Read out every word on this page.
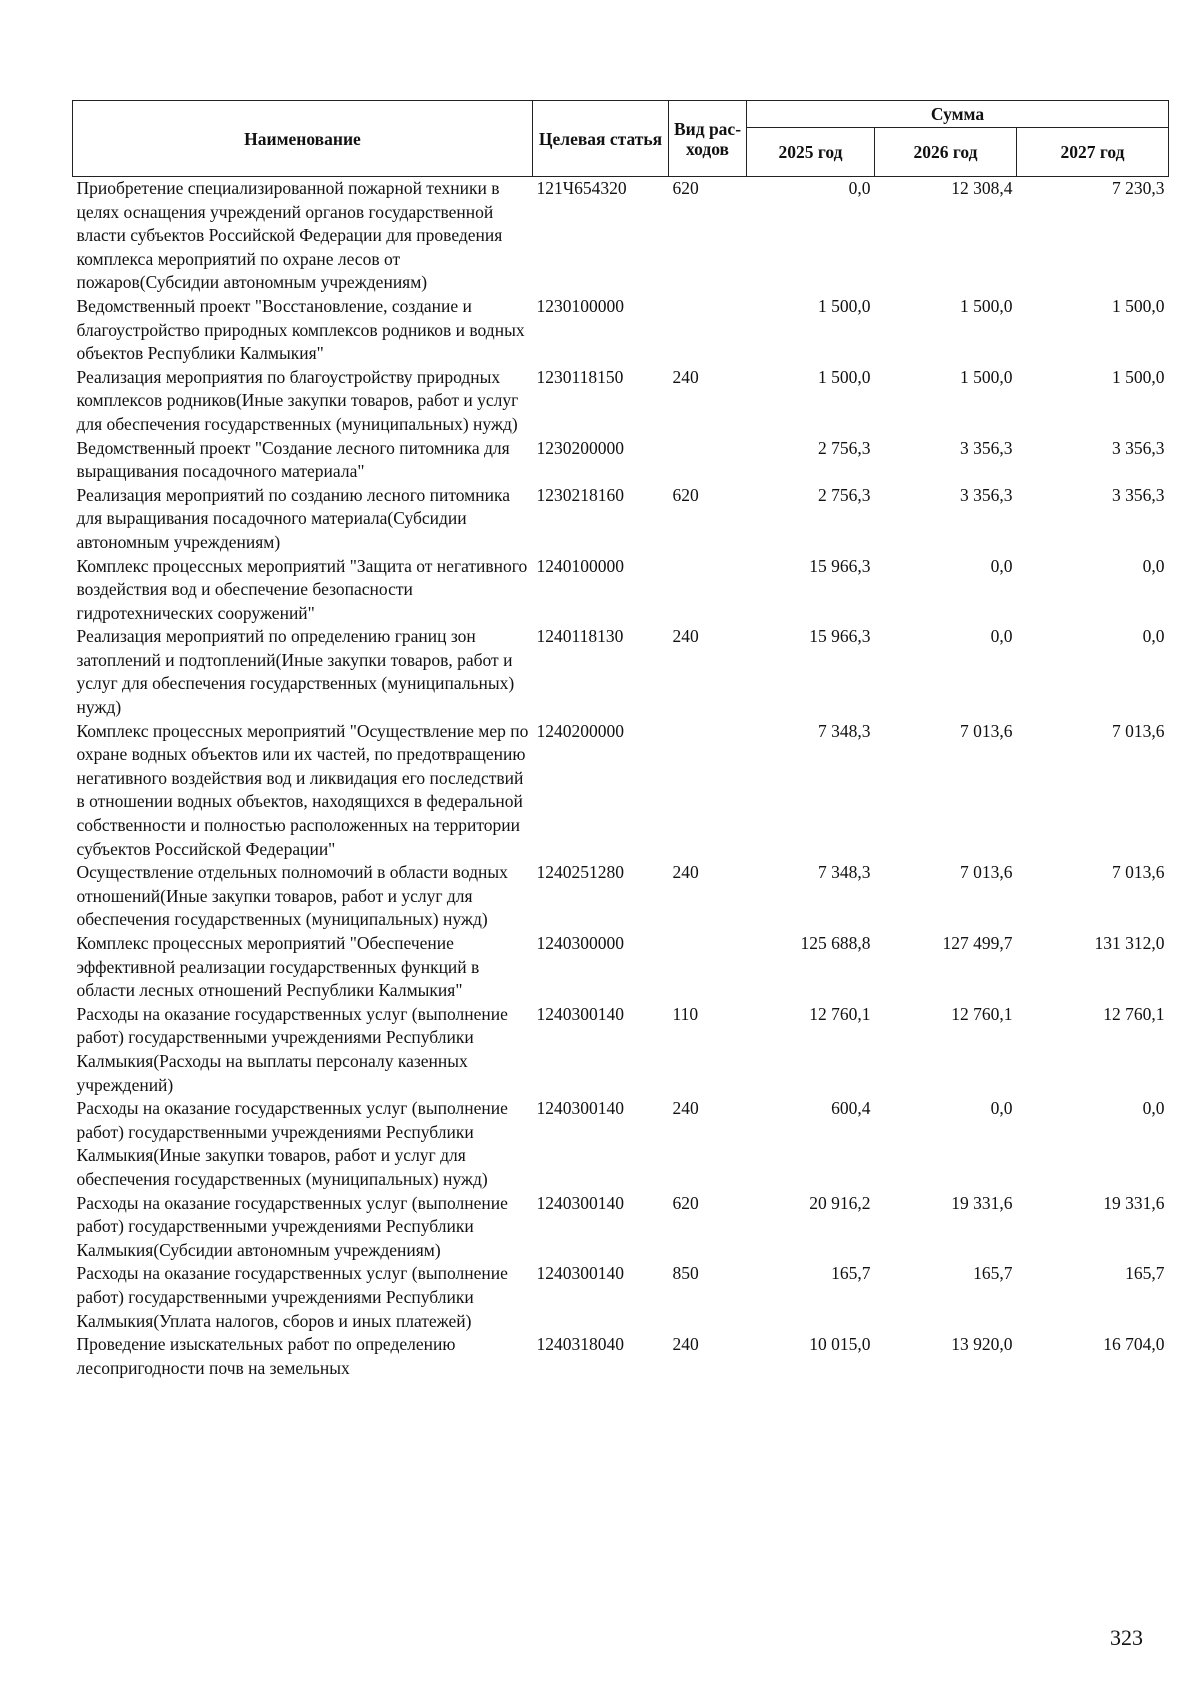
Наименование	Целевая статья	Вид рас-ходов	Сумма		
			2025 год	2026 год	2027 год
Приобретение специализированной пожарной техники в целях оснащения учреждений органов государственной власти субъектов Российской Федерации для проведения комплекса мероприятий по охране лесов от пожаров(Субсидии автономным учреждениям)	121Ч654320	620	0,0	12 308,4	7 230,3
Ведомственный проект "Восстановление, создание и благоустройство природных комплексов родников и водных объектов Республики Калмыкия"	1230100000		1 500,0	1 500,0	1 500,0
Реализация мероприятия по благоустройству природных комплексов родников(Иные закупки товаров, работ и услуг для обеспечения государственных (муниципальных) нужд)	1230118150	240	1 500,0	1 500,0	1 500,0
Ведомственный проект "Создание лесного питомника для выращивания посадочного материала"	1230200000		2 756,3	3 356,3	3 356,3
Реализация мероприятий по созданию лесного питомника для выращивания посадочного материала(Субсидии автономным учреждениям)	1230218160	620	2 756,3	3 356,3	3 356,3
Комплекс процессных мероприятий "Защита от негативного воздействия вод и обеспечение безопасности гидротехнических сооружений"	1240100000		15 966,3	0,0	0,0
Реализация мероприятий по определению границ зон затоплений и подтоплений(Иные закупки товаров, работ и услуг для обеспечения государственных (муниципальных) нужд)	1240118130	240	15 966,3	0,0	0,0
Комплекс процессных мероприятий "Осуществление мер по охране водных объектов или их частей, по предотвращению негативного воздействия вод и ликвидация его последствий в отношении водных объектов, находящихся в федеральной собственности и полностью расположенных на территории субъектов Российской Федерации"	1240200000		7 348,3	7 013,6	7 013,6
Осуществление отдельных полномочий в области водных отношений(Иные закупки товаров, работ и услуг для обеспечения государственных (муниципальных) нужд)	1240251280	240	7 348,3	7 013,6	7 013,6
Комплекс процессных мероприятий "Обеспечение эффективной реализации государственных функций в области лесных отношений Республики Калмыкия"	1240300000		125 688,8	127 499,7	131 312,0
Расходы на оказание государственных услуг (выполнение работ) государственными учреждениями Республики Калмыкия(Расходы на выплаты персоналу казенных учреждений)	1240300140	110	12 760,1	12 760,1	12 760,1
Расходы на оказание государственных услуг (выполнение работ) государственными учреждениями Республики Калмыкия(Иные закупки товаров, работ и услуг для обеспечения государственных (муниципальных) нужд)	1240300140	240	600,4	0,0	0,0
Расходы на оказание государственных услуг (выполнение работ) государственными учреждениями Республики Калмыкия(Субсидии автономным учреждениям)	1240300140	620	20 916,2	19 331,6	19 331,6
Расходы на оказание государственных услуг (выполнение работ) государственными учреждениями Республики Калмыкия(Уплата налогов, сборов и иных платежей)	1240300140	850	165,7	165,7	165,7
Проведение изыскательных работ по определению лесопригодности почв на земельных	1240318040	240	10 015,0	13 920,0	16 704,0
323
